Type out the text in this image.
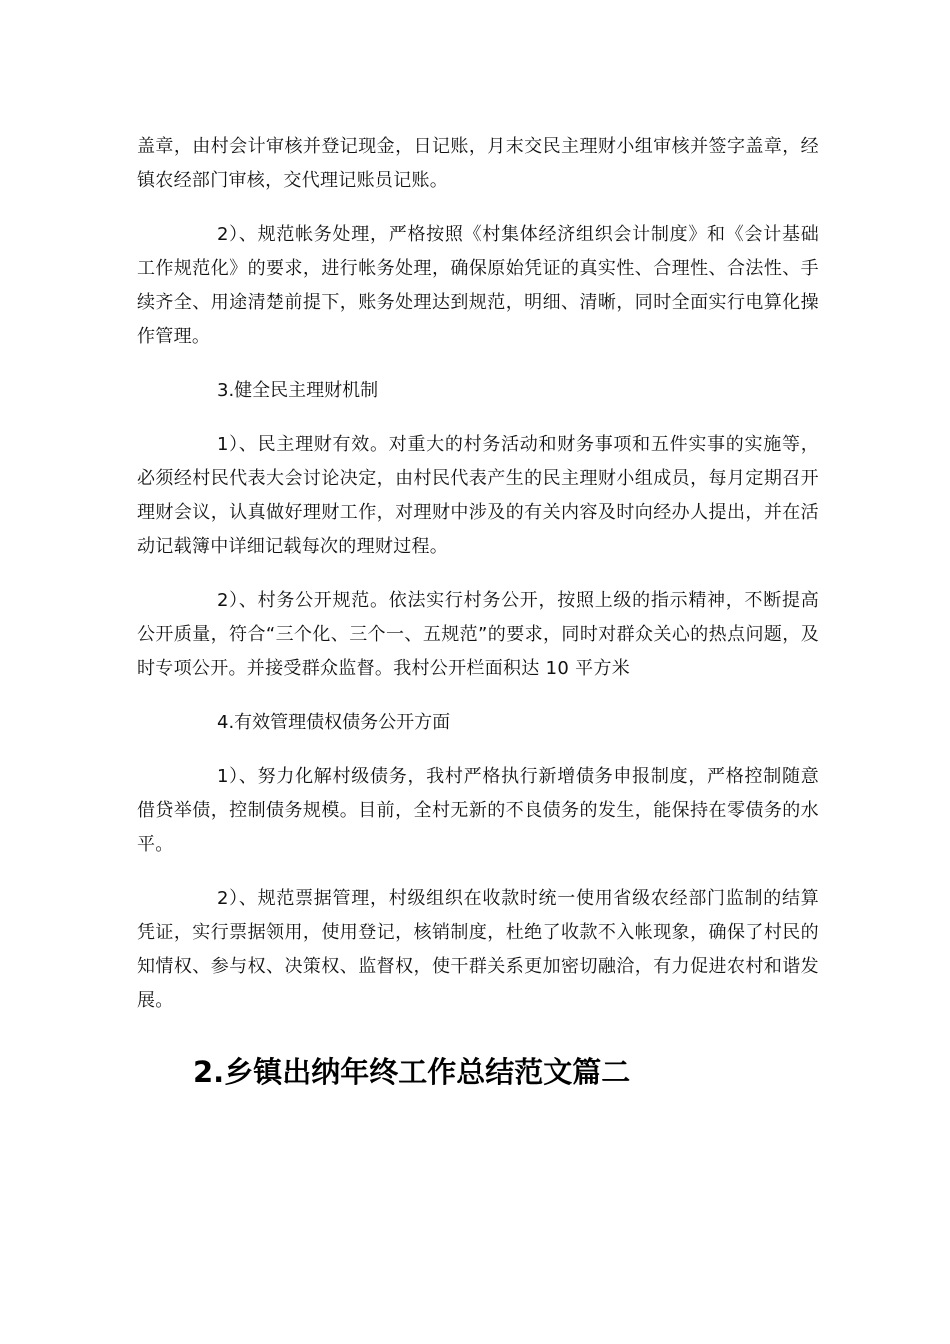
盖章，由村会计审核并登记现金，日记账，月末交民主理财小组审核并签字盖章，经镇农经部门审核，交代理记账员记账。

2）、规范帐务处理，严格按照《村集体经济组织会计制度》和《会计基础工作规范化》的要求，进行帐务处理，确保原始凭证的真实性、合理性、合法性、手续齐全、用途清楚前提下，账务处理达到规范，明细、清晰，同时全面实行电算化操作管理。

3.健全民主理财机制

1）、民主理财有效。对重大的村务活动和财务事项和五件实事的实施等，必须经村民代表大会讨论决定，由村民代表产生的民主理财小组成员，每月定期召开理财会议，认真做好理财工作，对理财中涉及的有关内容及时向经办人提出，并在活动记载簿中详细记载每次的理财过程。

2）、村务公开规范。依法实行村务公开，按照上级的指示精神，不断提高公开质量，符合“三个化、三个一、五规范”的要求，同时对群众关心的热点问题，及时专项公开。并接受群众监督。我村公开栏面积达 10 平方米

4.有效管理债权债务公开方面

1）、努力化解村级债务，我村严格执行新增债务申报制度，严格控制随意借贷举债，控制债务规模。目前，全村无新的不良债务的发生，能保持在零债务的水平。

2）、规范票据管理，村级组织在收款时统一使用省级农经部门监制的结算凭证，实行票据领用，使用登记，核销制度，杜绝了收款不入帐现象，确保了村民的知情权、参与权、决策权、监督权，使干群关系更加密切融洽，有力促进农村和谐发展。

2.乡镇出纳年终工作总结范文篇二
